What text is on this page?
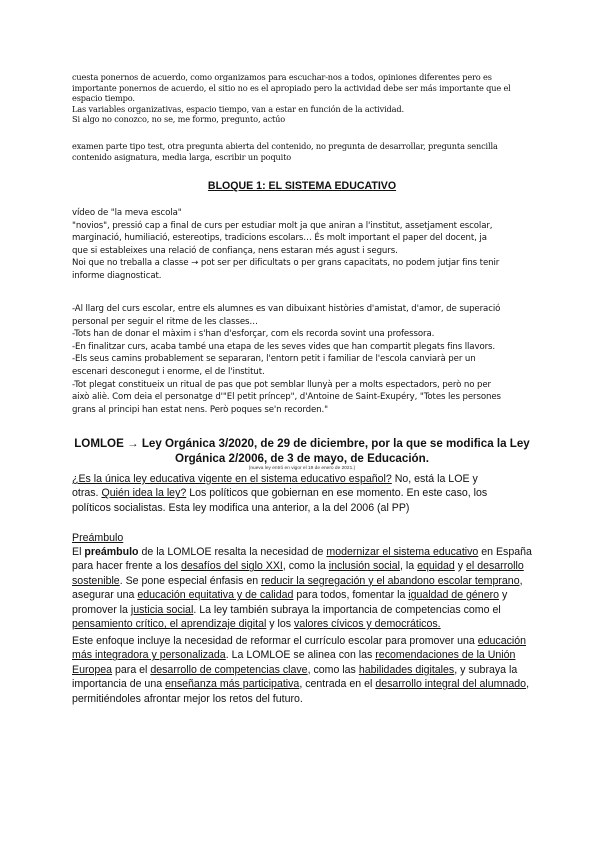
cuesta ponernos de acuerdo, como organizamos para escuchar-nos a todos, opiniones diferentes pero es

importante ponernos de acuerdo, el sitio no es el apropiado pero la actividad debe ser más importante que el

espacio tiempo.

Las variables organizativas, espacio tiempo, van a estar en función de la actividad.

Si algo no conozco, no se, me formo, pregunto, actúo

examen parte tipo test, otra pregunta abierta del contenido, no pregunta de desarrollar, pregunta sencilla

contenido asignatura, media larga, escribir un poquito

BLOQUE 1: EL SISTEMA EDUCATIVO

vídeo de "la meva escola"

"novios", pressió cap a final de curs per estudiar molt ja que aniran a l'institut, assetjament escolar,

marginació, humiliació, estereotips, tradicions escolars… És molt important el paper del docent, ja

que si estableixes una relació de confiança, nens estaran més agust i segurs.

Noi que no treballa a classe → pot ser per dificultats o per grans capacitats, no podem jutjar fins tenir

informe diagnosticat.

-Al llarg del curs escolar, entre els alumnes es van dibuixant històries d'amistat, d'amor, de superació

personal per seguir el ritme de les classes…

-Tots han de donar el màxim i s'han d'esforçar, com els recorda sovint una professora.

-En finalitzar curs, acaba també una etapa de les seves vides que han compartit plegats fins llavors.

-Els seus camins probablement se separaran, l'entorn petit i familiar de l'escola canviarà per un

escenari desconegut i enorme, el de l'institut.

-Tot plegat constitueix un ritual de pas que pot semblar llunyà per a molts espectadors, però no per

això aliè. Com deia el personatge d'"El petit príncep", d'Antoine de Saint-Exupéry, "Totes les persones

grans al principi han estat nens. Però poques se'n recorden."

LOMLOE → Ley Orgánica 3/2020, de 29 de diciembre, por la que se modifica la Ley
Orgánica 2/2006, de 3 de mayo, de Educación.
(nueva ley entró en vigor el 19 de enero de 2021.)

¿Es la única ley educativa vigente en el sistema educativo español? No, está la LOE y
otras. Quién idea la ley? Los políticos que gobiernan en ese momento. En este caso, los
políticos socialistas. Esta ley modifica una anterior, a la del 2006 (al PP)

Preámbulo

El preámbulo de la LOMLOE resalta la necesidad de modernizar el sistema educativo en España para hacer frente a los desafíos del siglo XXI, como la inclusión social, la equidad y el desarrollo sostenible. Se pone especial énfasis en reducir la segregación y el abandono escolar temprano, asegurar una educación equitativa y de calidad para todos, fomentar la igualdad de género y promover la justicia social. La ley también subraya la importancia de competencias como el pensamiento crítico, el aprendizaje digital y los valores cívicos y democráticos.

Este enfoque incluye la necesidad de reformar el currículo escolar para promover una educación más integradora y personalizada. La LOMLOE se alinea con las recomendaciones de la Unión Europea para el desarrollo de competencias clave, como las habilidades digitales, y subraya la importancia de una enseñanza más participativa, centrada en el desarrollo integral del alumnado, permitiéndoles afrontar mejor los retos del futuro.
